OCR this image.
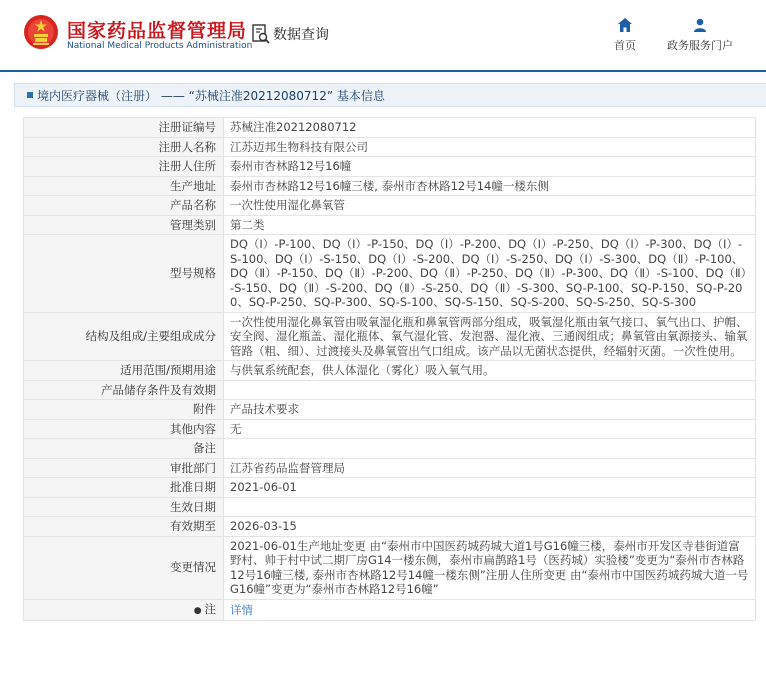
国家药品监督管理局
National Medical Products Administration
数据查询
首页	政务服务门户
境内医疗器械（注册） —— “苏械注准20212080712” 基本信息
注册证编号	苏械注准20212080712
注册人名称	江苏迈邦生物科技有限公司
注册人住所	泰州市杏林路12号16幢
生产地址	泰州市杏林路12号16幢三楼, 泰州市杏林路12号14幢一楼东侧
产品名称	一次性使用湿化鼻氧管
管理类别	第二类
型号规格	DQ（Ⅰ）-P-100、DQ（Ⅰ）-P-150、DQ（Ⅰ）-P-200、DQ（Ⅰ）-P-250、DQ（Ⅰ）-P-300、DQ（Ⅰ）-S-100、DQ（Ⅰ）-S-150、DQ（Ⅰ）-S-200、DQ（Ⅰ）-S-250、DQ（Ⅰ）-S-300、DQ（Ⅱ）-P-100、DQ（Ⅱ）-P-150、DQ（Ⅱ）-P-200、DQ（Ⅱ）-P-250、DQ（Ⅱ）-P-300、DQ（Ⅱ）-S-100、DQ（Ⅱ）-S-150、DQ（Ⅱ）-S-200、DQ（Ⅱ）-S-250、DQ（Ⅱ）-S-300、SQ-P-100、SQ-P-150、SQ-P-200、SQ-P-250、SQ-P-300、SQ-S-100、SQ-S-150、SQ-S-200、SQ-S-250、SQ-S-300
结构及组成/主要组成成分	一次性使用湿化鼻氧管由吸氧湿化瓶和鼻氧管两部分组成，吸氧湿化瓶由氧气接口、氧气出口、护帽、安全阀、湿化瓶盖、湿化瓶体、氧气湿化管、发泡器、湿化液、三通阀组成；鼻氧管由氧源接头、输氧管路（粗、细）、过渡接头及鼻氧管出气口组成。该产品以无菌状态提供，经辐射灭菌。一次性使用。
适用范围/预期用途	与供氧系统配套，供人体湿化（雾化）吸入氧气用。
产品储存条件及有效期	
附件	产品技术要求
其他内容	无
备注	
审批部门	江苏省药品监督管理局
批准日期	2021-06-01
生效日期	
有效期至	2026-03-15
变更情况	2021-06-01生产地址变更 由“泰州市中国医药城药城大道1号G16幢三楼，泰州市开发区寺巷街道富野村、帅于村中试二期厂房G14一楼东侧，泰州市扁鹊路1号（医药城）实验楼”变更为“泰州市杏林路12号16幢三楼, 泰州市杏林路12号14幢一楼东侧”注册人住所变更 由“泰州市中国医药城药城大道一号G16幢”变更为“泰州市杏林路12号16幢”
● 注	详情
